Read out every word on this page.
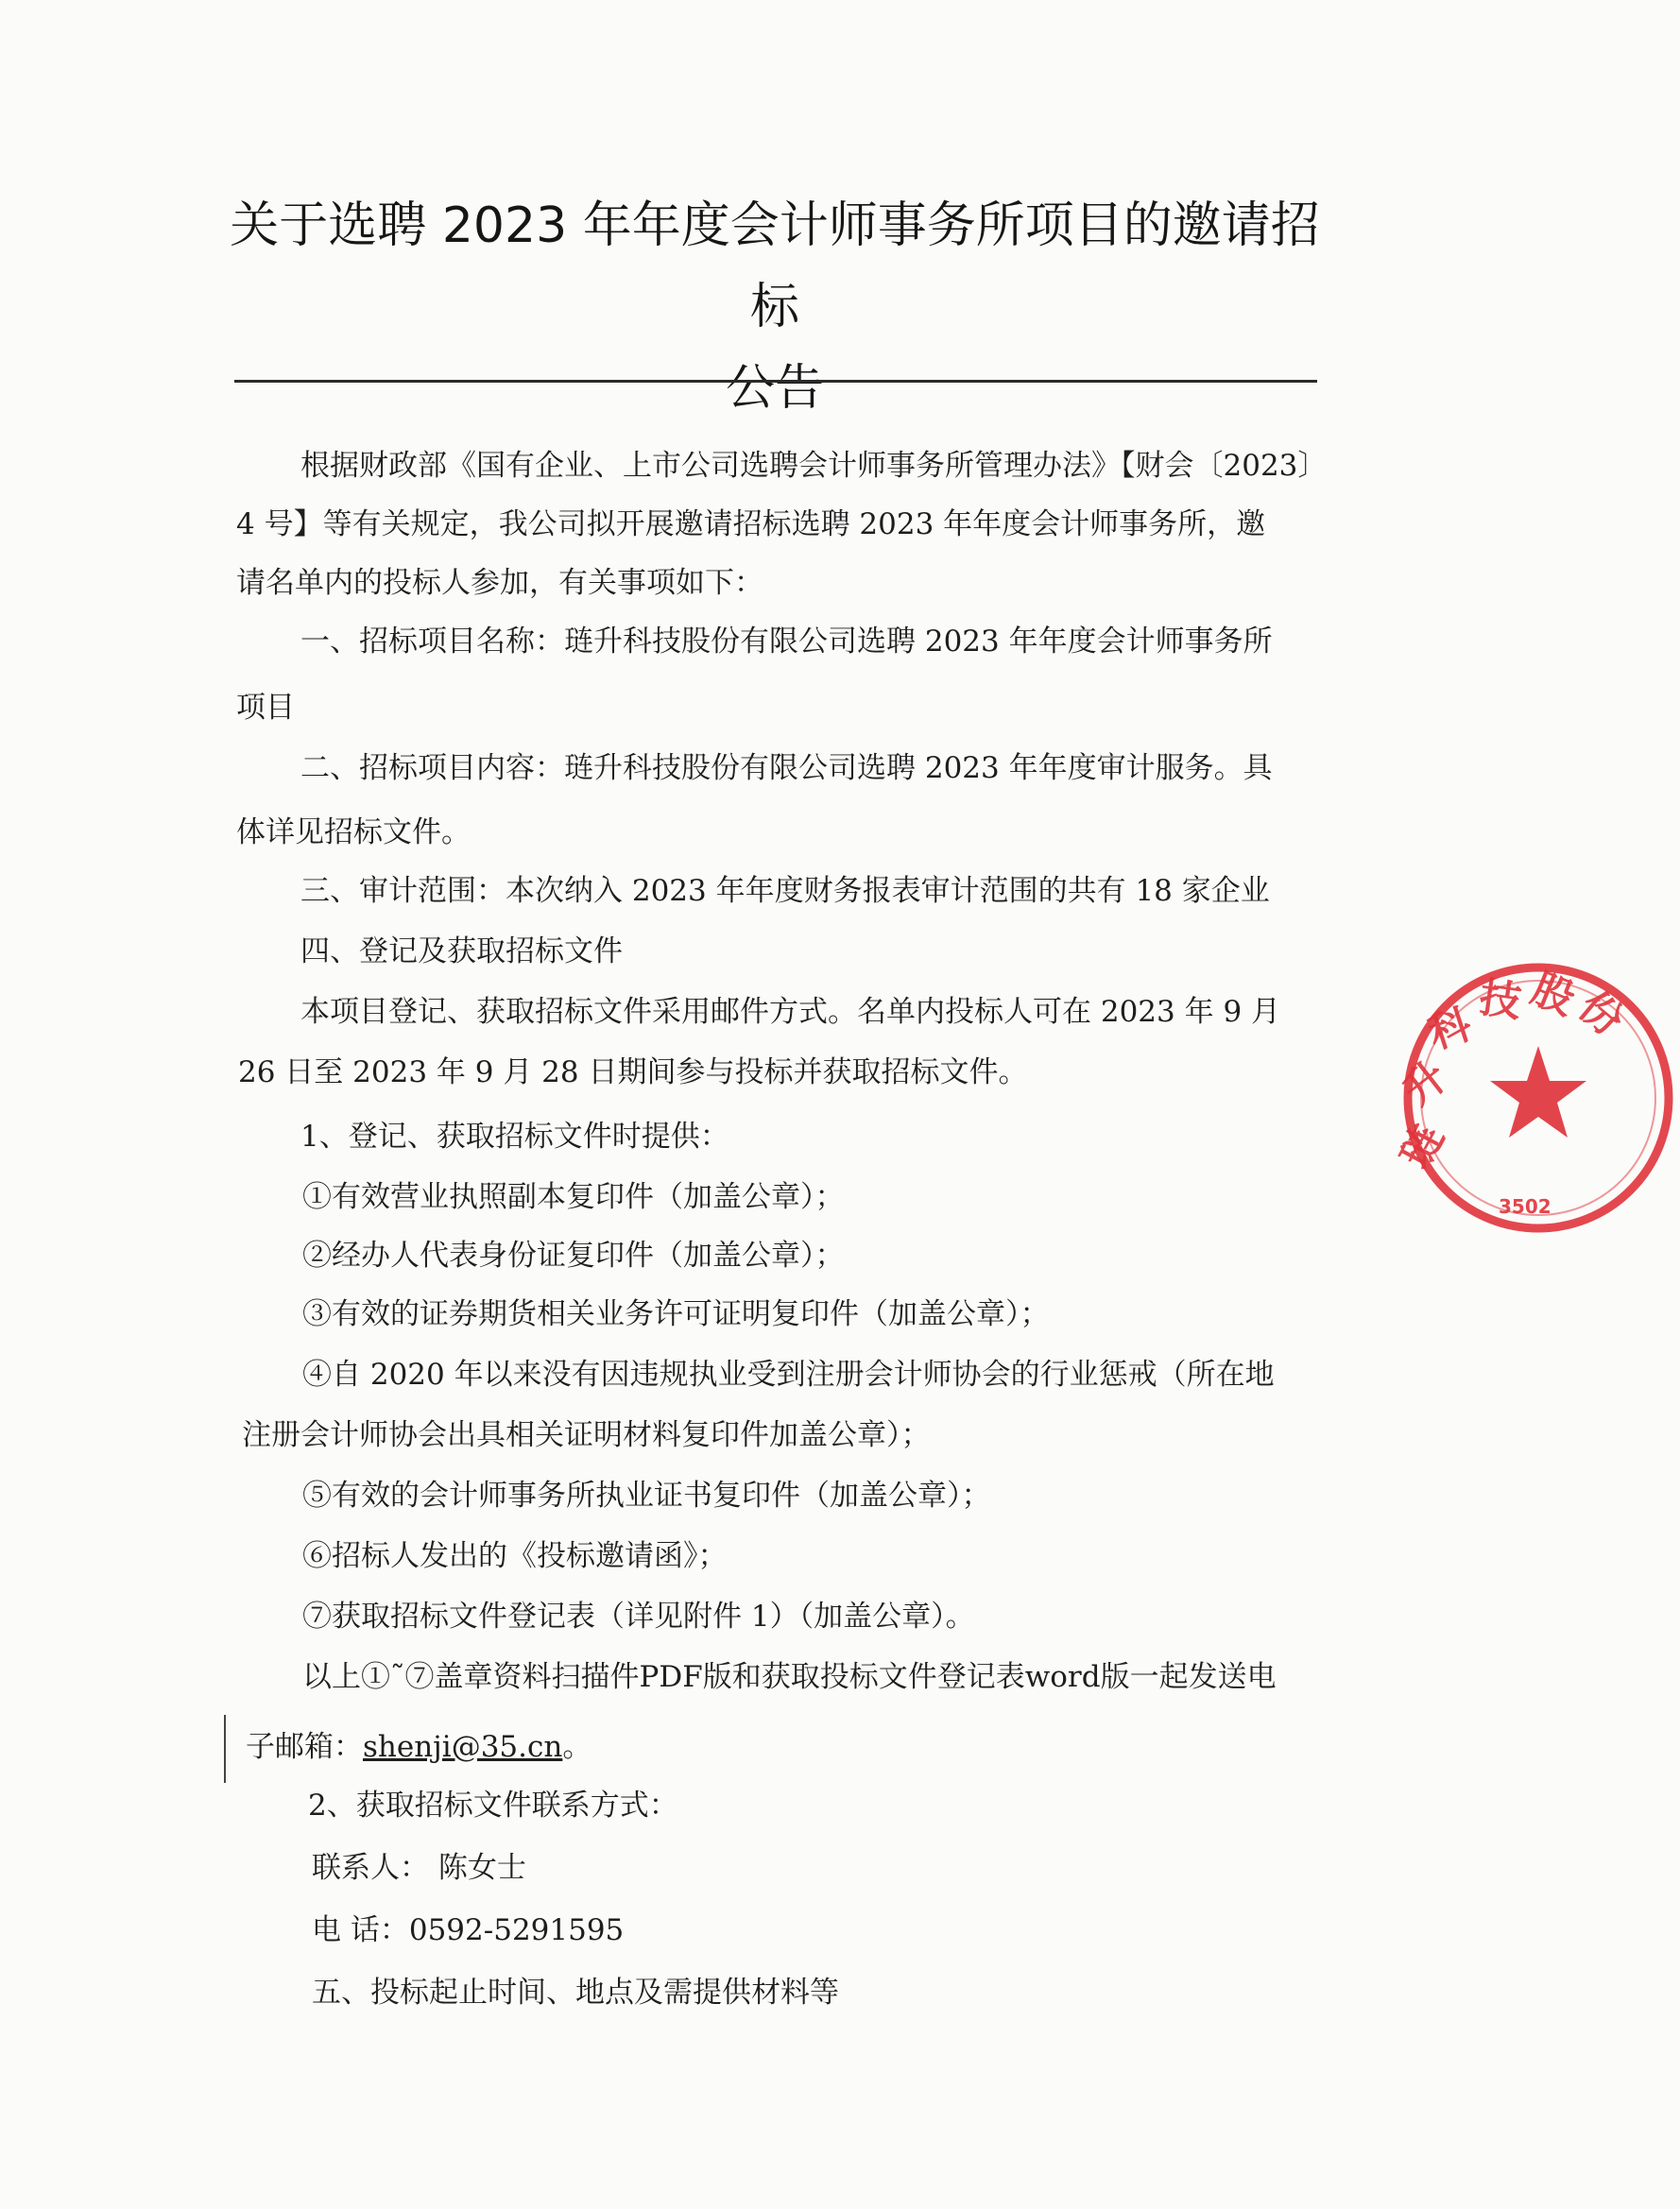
关于选聘 2023 年年度会计师事务所项目的邀请招标
公告

根据财政部《国有企业、上市公司选聘会计师事务所管理办法》【财会〔2023〕

4 号】等有关规定，我公司拟开展邀请招标选聘 2023 年年度会计师事务所，邀

请名单内的投标人参加，有关事项如下：

一、招标项目名称：琏升科技股份有限公司选聘 2023 年年度会计师事务所

项目

二、招标项目内容：琏升科技股份有限公司选聘 2023 年年度审计服务。具

体详见招标文件。

三、审计范围：本次纳入 2023 年年度财务报表审计范围的共有 18 家企业

四、登记及获取招标文件

本项目登记、获取招标文件采用邮件方式。名单内投标人可在 2023 年 9 月

26 日至 2023 年 9 月 28 日期间参与投标并获取招标文件。

1、登记、获取招标文件时提供：

①有效营业执照副本复印件（加盖公章）；

②经办人代表身份证复印件（加盖公章）；

③有效的证券期货相关业务许可证明复印件（加盖公章）；

④自 2020 年以来没有因违规执业受到注册会计师协会的行业惩戒（所在地

注册会计师协会出具相关证明材料复印件加盖公章）；

⑤有效的会计师事务所执业证书复印件（加盖公章）；

⑥招标人发出的《投标邀请函》；

⑦获取招标文件登记表（详见附件 1）（加盖公章）。

以上①˜⑦盖章资料扫描件PDF版和获取投标文件登记表word版一起发送电

子邮箱：shenji@35.cn。

2、获取招标文件联系方式：

联系人： 陈女士

电 话：0592-5291595

五、投标起止时间、地点及需提供材料等

琏
升
科 技 股
份
3502
